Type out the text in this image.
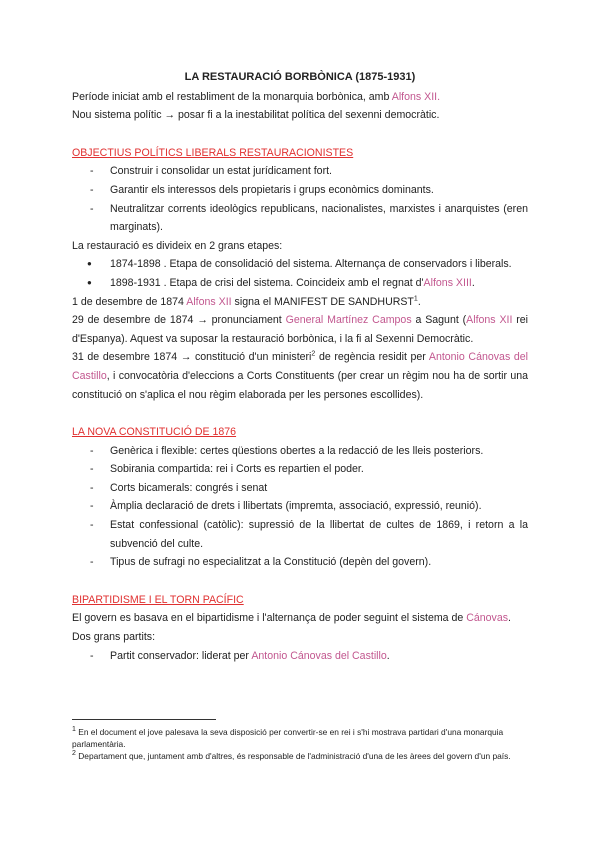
LA RESTAURACIÓ BORBÒNICA (1875-1931)

Període iniciat amb el restabliment de la monarquia borbònica, amb Alfons XII.

Nou sistema polític → posar fi a la inestabilitat política del sexenni democràtic.

OBJECTIUS POLÍTICS LIBERALS RESTAURACIONISTES

- Construir i consolidar un estat jurídicament fort.
- Garantir els interessos dels propietaris i grups econòmics dominants.
- Neutralitzar corrents ideològics republicans, nacionalistes, marxistes i anarquistes (eren marginats).

La restauració es divideix en 2 grans etapes:

● 1874-1898 . Etapa de consolidació del sistema. Alternança de conservadors i liberals.
● 1898-1931 . Etapa de crisi del sistema. Coincideix amb el regnat d'Alfons XIII.

1 de desembre de 1874 Alfons XII signa el MANIFEST DE SANDHURST$^1$.

29 de desembre de 1874 → pronunciament General Martínez Campos a Sagunt (Alfons XII rei d'Espanya). Aquest va suposar la restauració borbònica, i la fi al Sexenni Democràtic.

31 de desembre 1874 → constitució d'un ministeri$^2$ de regència residit per Antonio Cánovas del Castillo, i convocatòria d'eleccions a Corts Constituents (per crear un règim nou ha de sortir una constitució on s'aplica el nou règim elaborada per les persones escollides).

LA NOVA CONSTITUCIÓ DE 1876

- Genèrica i flexible: certes qüestions obertes a la redacció de les lleis posteriors.
- Sobirania compartida: rei i Corts es repartien el poder.
- Corts bicamerals: congrés i senat
- Àmplia declaració de drets i llibertats (impremta, associació, expressió, reunió).
- Estat confessional (catòlic): supressió de la llibertat de cultes de 1869, i retorn a la subvenció del culte.
- Tipus de sufragi no especialitzat a la Constitució (depèn del govern).

BIPARTIDISME I EL TORN PACÍFIC

El govern es basava en el bipartidisme i l'alternança de poder seguint el sistema de Cánovas.

Dos grans partits:

- Partit conservador: liderat per Antonio Cánovas del Castillo.

$^1$ En el document el jove palesava la seva disposició per convertir-se en rei i s'hi mostrava partidari d'una monarquia parlamentària.

$^2$ Departament que, juntament amb d'altres, és responsable de l'administració d'una de les àrees del govern d'un país.
